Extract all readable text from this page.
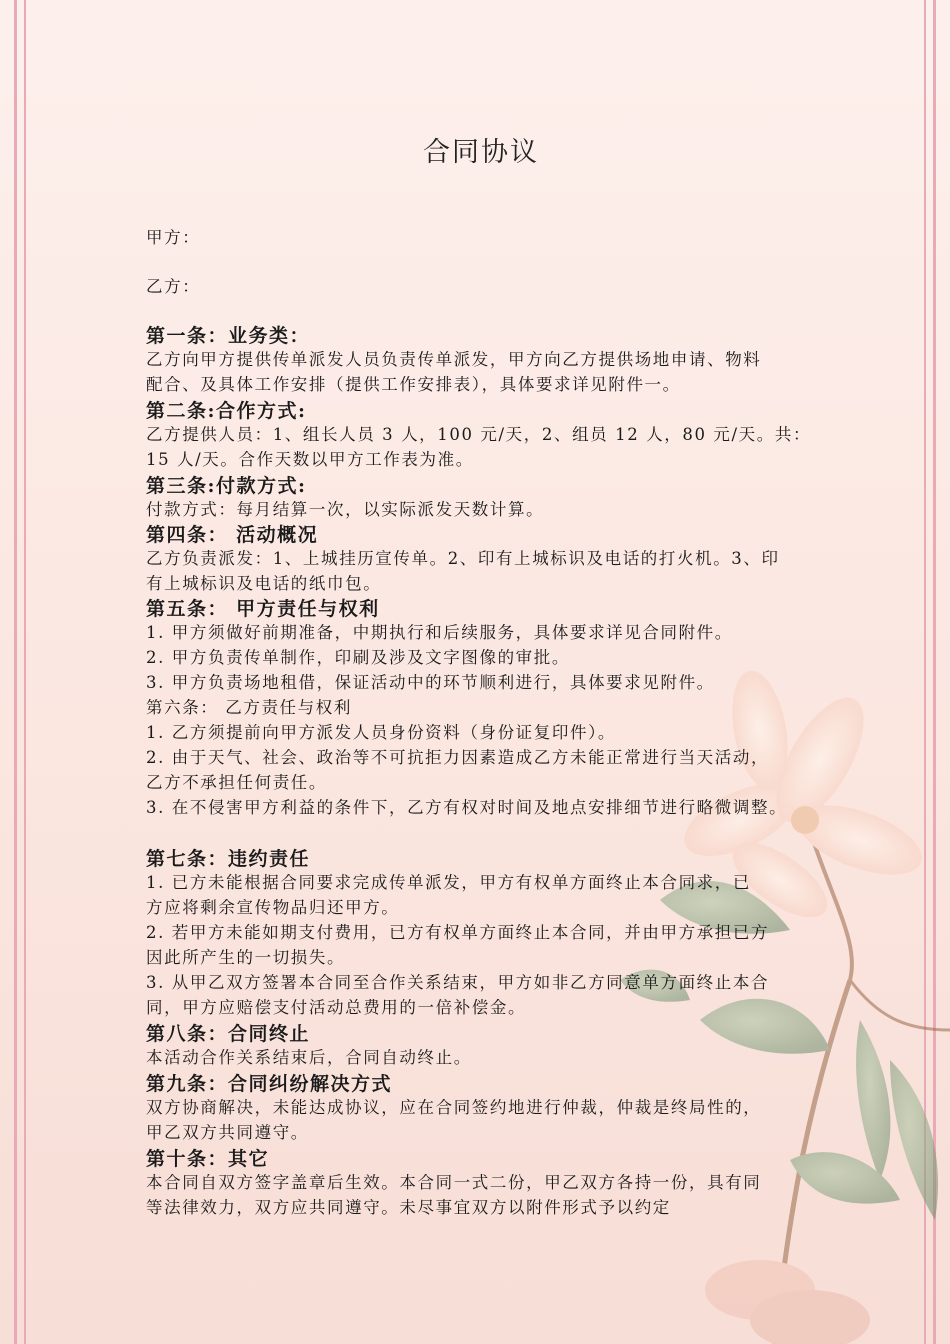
合同协议
甲方：
乙方：
第一条：业务类：
乙方向甲方提供传单派发人员负责传单派发，甲方向乙方提供场地申请、物料
配合、及具体工作安排（提供工作安排表），具体要求详见附件一。
第二条:合作方式:
乙方提供人员：1、组长人员 3 人，100 元/天，2、组员 12 人，80 元/天。共：
15 人/天。合作天数以甲方工作表为准。
第三条:付款方式:
付款方式：每月结算一次，以实际派发天数计算。
第四条： 活动概况
乙方负责派发：1、上城挂历宣传单。2、印有上城标识及电话的打火机。3、印
有上城标识及电话的纸巾包。
第五条： 甲方责任与权利
1. 甲方须做好前期准备，中期执行和后续服务，具体要求详见合同附件。
2. 甲方负责传单制作，印刷及涉及文字图像的审批。
3. 甲方负责场地租借，保证活动中的环节顺利进行，具体要求见附件。
第六条： 乙方责任与权利
1. 乙方须提前向甲方派发人员身份资料（身份证复印件）。
2. 由于天气、社会、政治等不可抗拒力因素造成乙方未能正常进行当天活动，
乙方不承担任何责任。
3. 在不侵害甲方利益的条件下，乙方有权对时间及地点安排细节进行略微调整。
第七条：违约责任
1. 已方未能根据合同要求完成传单派发，甲方有权单方面终止本合同求，已
方应将剩余宣传物品归还甲方。
2. 若甲方未能如期支付费用，已方有权单方面终止本合同，并由甲方承担已方
因此所产生的一切损失。
3. 从甲乙双方签署本合同至合作关系结束，甲方如非乙方同意单方面终止本合
同，甲方应赔偿支付活动总费用的一倍补偿金。
第八条：合同终止
本活动合作关系结束后，合同自动终止。
第九条：合同纠纷解决方式
双方协商解决，未能达成协议，应在合同签约地进行仲裁，仲裁是终局性的，
甲乙双方共同遵守。
第十条：其它
本合同自双方签字盖章后生效。本合同一式二份，甲乙双方各持一份，具有同
等法律效力，双方应共同遵守。未尽事宜双方以附件形式予以约定
